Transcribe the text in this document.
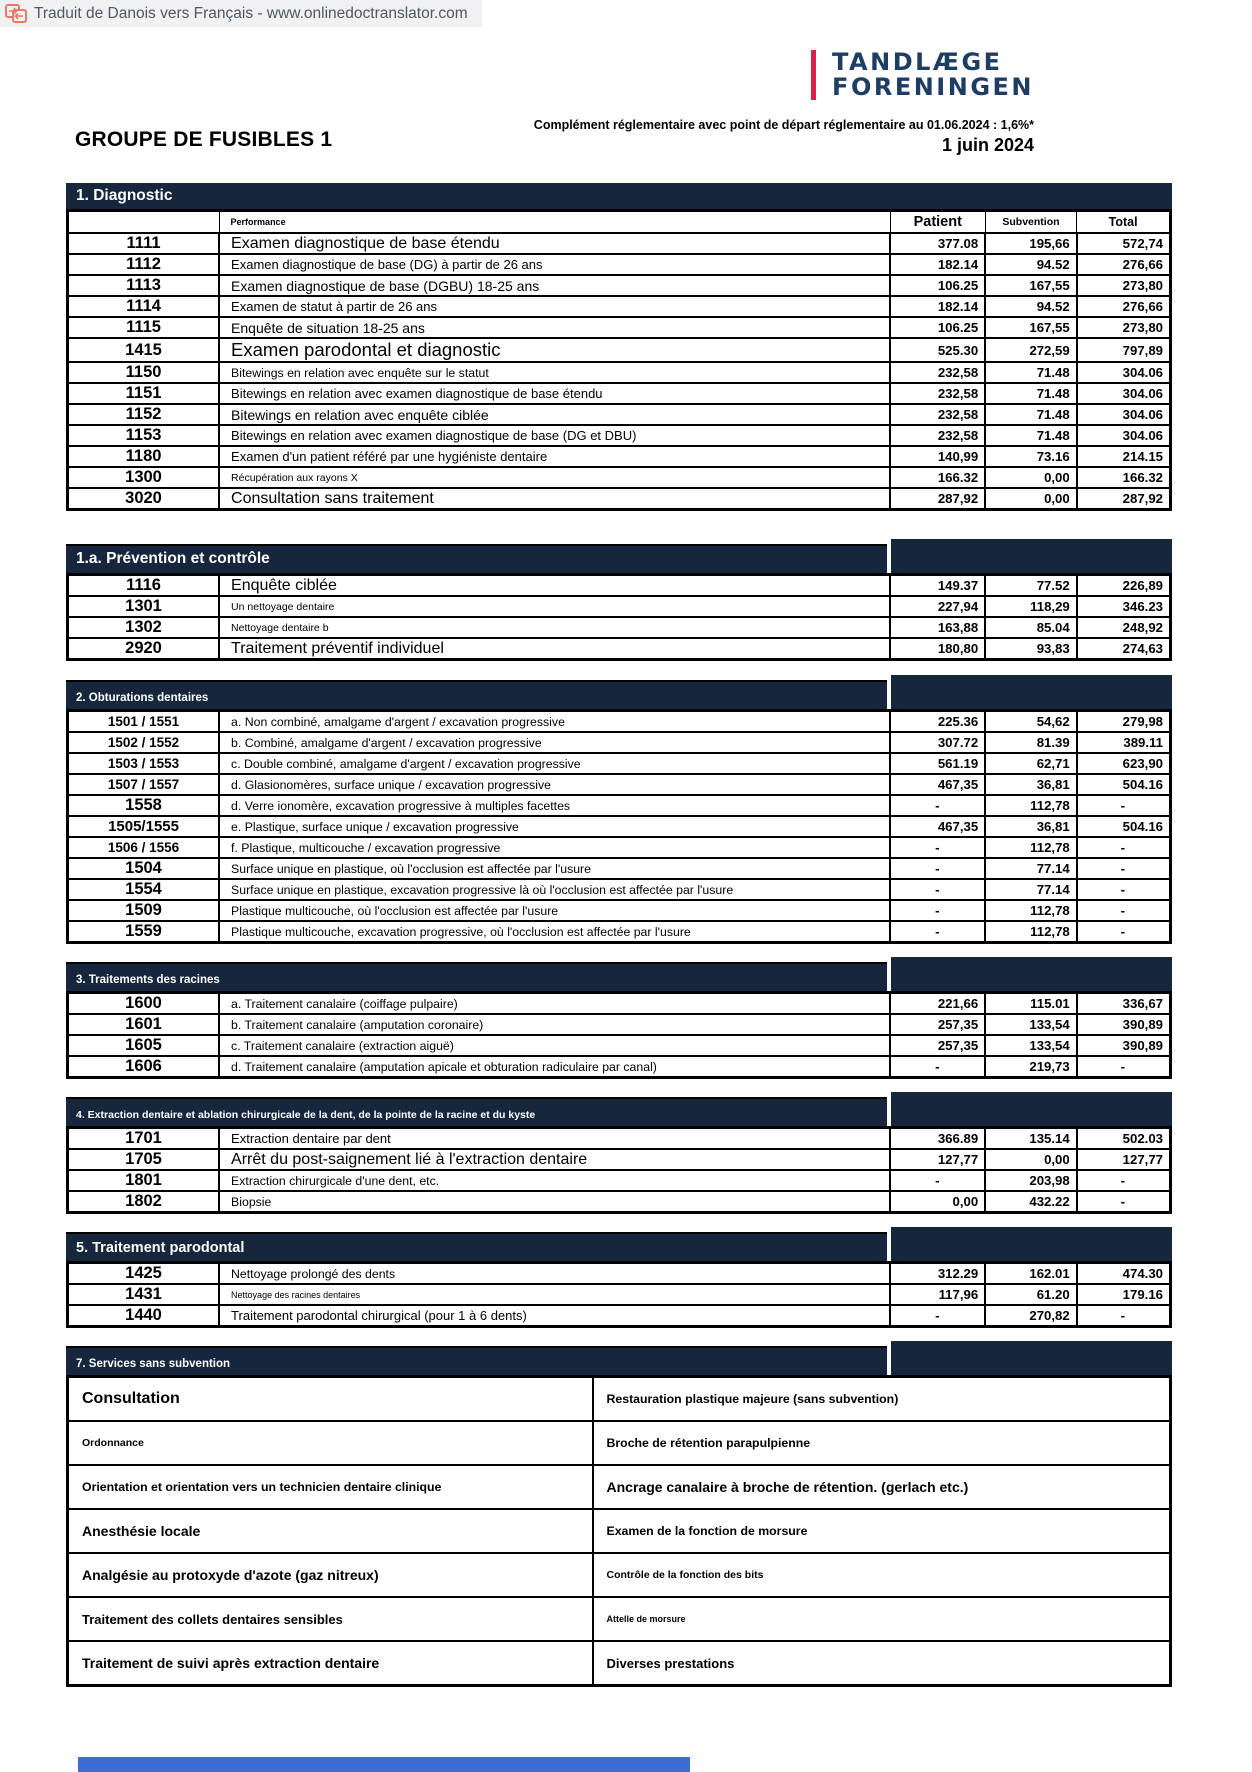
Traduit de Danois vers Français - www.onlinedoctranslator.com
TANDLÆGE
FORENINGEN
GROUPE DE FUSIBLES 1
Complément réglementaire avec point de départ réglementaire au 01.06.2024 : 1,6%*
1 juin 2024
1. Diagnostic
	Performance	Patient	Subvention	Total
1111	Examen diagnostique de base étendu	377.08	195,66	572,74
1112	Examen diagnostique de base (DG) à partir de 26 ans	182.14	94.52	276,66
1113	Examen diagnostique de base (DGBU) 18-25 ans	106.25	167,55	273,80
1114	Examen de statut à partir de 26 ans	182.14	94.52	276,66
1115	Enquête de situation 18-25 ans	106.25	167,55	273,80
1415	Examen parodontal et diagnostic	525.30	272,59	797,89
1150	Bitewings en relation avec enquête sur le statut	232,58	71.48	304.06
1151	Bitewings en relation avec examen diagnostique de base étendu	232,58	71.48	304.06
1152	Bitewings en relation avec enquête ciblée	232,58	71.48	304.06
1153	Bitewings en relation avec examen diagnostique de base (DG et DBU)	232,58	71.48	304.06
1180	Examen d'un patient référé par une hygiéniste dentaire	140,99	73.16	214.15
1300	Récupération aux rayons X	166.32	0,00	166.32
3020	Consultation sans traitement	287,92	0,00	287,92
1.a. Prévention et contrôle
1116	Enquête ciblée	149.37	77.52	226,89
1301	Un nettoyage dentaire	227,94	118,29	346.23
1302	Nettoyage dentaire b	163,88	85.04	248,92
2920	Traitement préventif individuel	180,80	93,83	274,63
2. Obturations dentaires
1501 / 1551	a. Non combiné, amalgame d'argent / excavation progressive	225.36	54,62	279,98
1502 / 1552	b. Combiné, amalgame d'argent / excavation progressive	307.72	81.39	389.11
1503 / 1553	c. Double combiné, amalgame d'argent / excavation progressive	561.19	62,71	623,90
1507 / 1557	d. Glasionomères, surface unique / excavation progressive	467,35	36,81	504.16
1558	d. Verre ionomère, excavation progressive à multiples facettes	-	112,78	-
1505/1555	e. Plastique, surface unique / excavation progressive	467,35	36,81	504.16
1506 / 1556	f. Plastique, multicouche / excavation progressive	-	112,78	-
1504	Surface unique en plastique, où l'occlusion est affectée par l'usure	-	77.14	-
1554	Surface unique en plastique, excavation progressive là où l'occlusion est affectée par l'usure	-	77.14	-
1509	Plastique multicouche, où l'occlusion est affectée par l'usure	-	112,78	-
1559	Plastique multicouche, excavation progressive, où l'occlusion est affectée par l'usure	-	112,78	-
3. Traitements des racines
1600	a. Traitement canalaire (coiffage pulpaire)	221,66	115.01	336,67
1601	b. Traitement canalaire (amputation coronaire)	257,35	133,54	390,89
1605	c. Traitement canalaire (extraction aiguë)	257,35	133,54	390,89
1606	d. Traitement canalaire (amputation apicale et obturation radiculaire par canal)	-	219,73	-
4. Extraction dentaire et ablation chirurgicale de la dent, de la pointe de la racine et du kyste
1701	Extraction dentaire par dent	366.89	135.14	502.03
1705	Arrêt du post-saignement lié à l'extraction dentaire	127,77	0,00	127,77
1801	Extraction chirurgicale d'une dent, etc.	-	203,98	-
1802	Biopsie	0,00	432.22	-
5. Traitement parodontal
1425	Nettoyage prolongé des dents	312.29	162.01	474.30
1431	Nettoyage des racines dentaires	117,96	61.20	179.16
1440	Traitement parodontal chirurgical (pour 1 à 6 dents)	-	270,82	-
7. Services sans subvention
Consultation	Restauration plastique majeure (sans subvention)
Ordonnance	Broche de rétention parapulpienne
Orientation et orientation vers un technicien dentaire clinique	Ancrage canalaire à broche de rétention. (gerlach etc.)
Anesthésie locale	Examen de la fonction de morsure
Analgésie au protoxyde d'azote (gaz nitreux)	Contrôle de la fonction des bits
Traitement des collets dentaires sensibles	Attelle de morsure
Traitement de suivi après extraction dentaire	Diverses prestations
